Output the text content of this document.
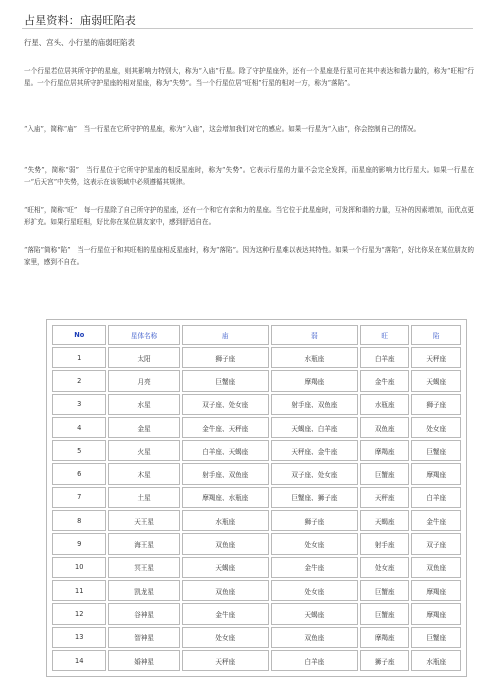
占星资料：庙弱旺陷表
行星、宫头、小行星的庙弱旺陷表

一个行星若位居其所守护的星座，则其影响力特别大，称为“入庙”行星。除了守护星座外，还有一个星座是行星可在其中表达和谐力量的，称为“旺相”行星。一个行星位居其所守护星座的相对星座，称为“失势”。当一个行星位居“旺相”行星的相对一方，称为“落陷”。

“入庙”，简称“庙”　当一行星在它所守护的星座，称为“入庙”，这会增加我们对它的感应。如果一行星为“入庙”，你会控制自己的情况。

“失势”，简称“弱”　当行星位于它所守护星座的相反星座时，称为“失势”。它表示行星的力量不会完全发挥，而星座的影响力比行星大。如果一行星在一“后天宫”中失势，这表示在该领域中必须遵循其规律。

“旺相”，简称“旺”　每一行星除了自己所守护的星座，还有一个和它有亲和力的星座。当它位于此星座时，可发挥和谐的力量，互补的因素增加，而优点更形扩充。如果行星旺相，好比你在某位朋友家中，感到舒适自在。

“落陷”简称“陷”　当一行星位于和其旺相的星座相反星座时，称为“落陷”。因为这种行星难以表达其特性。如果一个行星为“落陷”，好比你呆在某位朋友的家里，感到不自在。

No	星体名称	庙	弱	旺	陷
1	太阳	狮子座	水瓶座	白羊座	天秤座
2	月亮	巨蟹座	摩羯座	金牛座	天蝎座
3	水星	双子座、处女座	射手座、双鱼座	水瓶座	狮子座
4	金星	金牛座、天秤座	天蝎座、白羊座	双鱼座	处女座
5	火星	白羊座、天蝎座	天秤座、金牛座	摩羯座	巨蟹座
6	木星	射手座、双鱼座	双子座、处女座	巨蟹座	摩羯座
7	土星	摩羯座、水瓶座	巨蟹座、狮子座	天秤座	白羊座
8	天王星	水瓶座	狮子座	天蝎座	金牛座
9	海王星	双鱼座	处女座	射手座	双子座
10	冥王星	天蝎座	金牛座	处女座	双鱼座
11	凯龙星	双鱼座	处女座	巨蟹座	摩羯座
12	谷神星	金牛座	天蝎座	巨蟹座	摩羯座
13	智神星	处女座	双鱼座	摩羯座	巨蟹座
14	婚神星	天秤座	白羊座	狮子座	水瓶座
